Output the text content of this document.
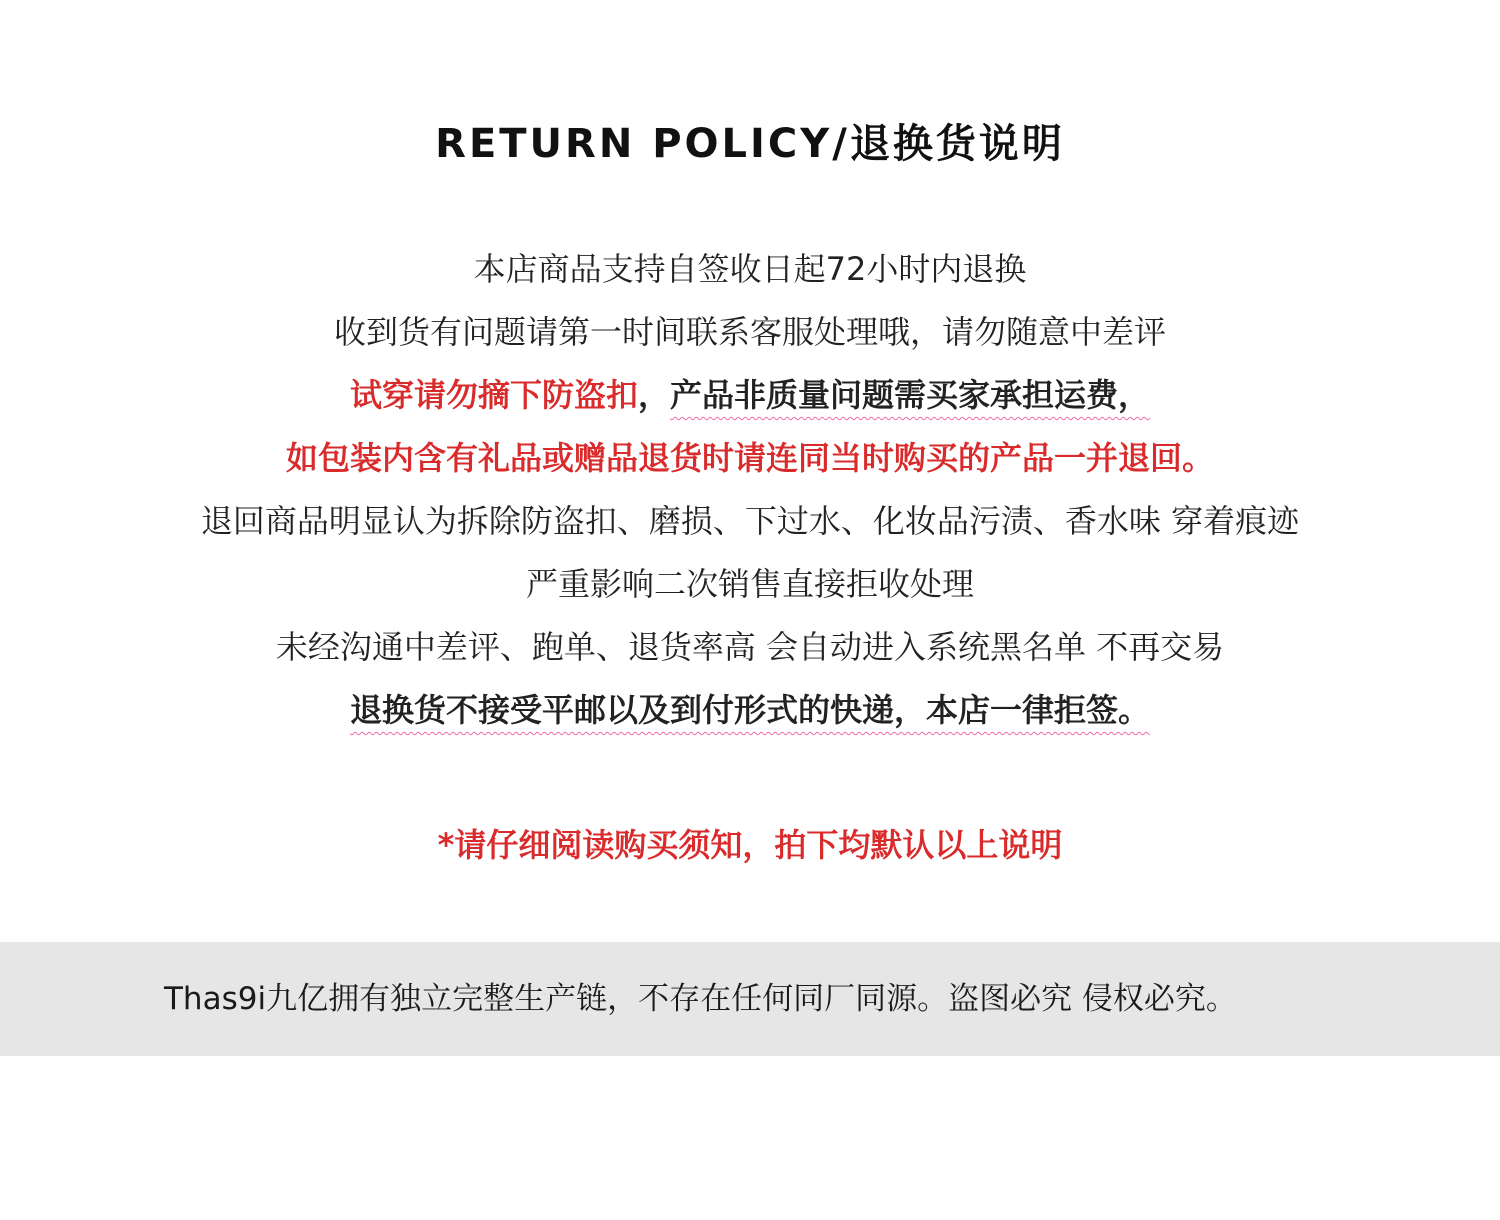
RETURN POLICY/退换货说明
本店商品支持自签收日起72小时内退换
收到货有问题请第一时间联系客服处理哦，请勿随意中差评
试穿请勿摘下防盗扣，产品非质量问题需买家承担运费，
如包装内含有礼品或赠品退货时请连同当时购买的产品一并退回。
退回商品明显认为拆除防盗扣、磨损、下过水、化妆品污渍、香水味 穿着痕迹
严重影响二次销售直接拒收处理
未经沟通中差评、跑单、退货率高 会自动进入系统黑名单 不再交易
退换货不接受平邮以及到付形式的快递，本店一律拒签。
*请仔细阅读购买须知，拍下均默认以上说明
Thas9i九亿拥有独立完整生产链，不存在任何同厂同源。盗图必究 侵权必究。
